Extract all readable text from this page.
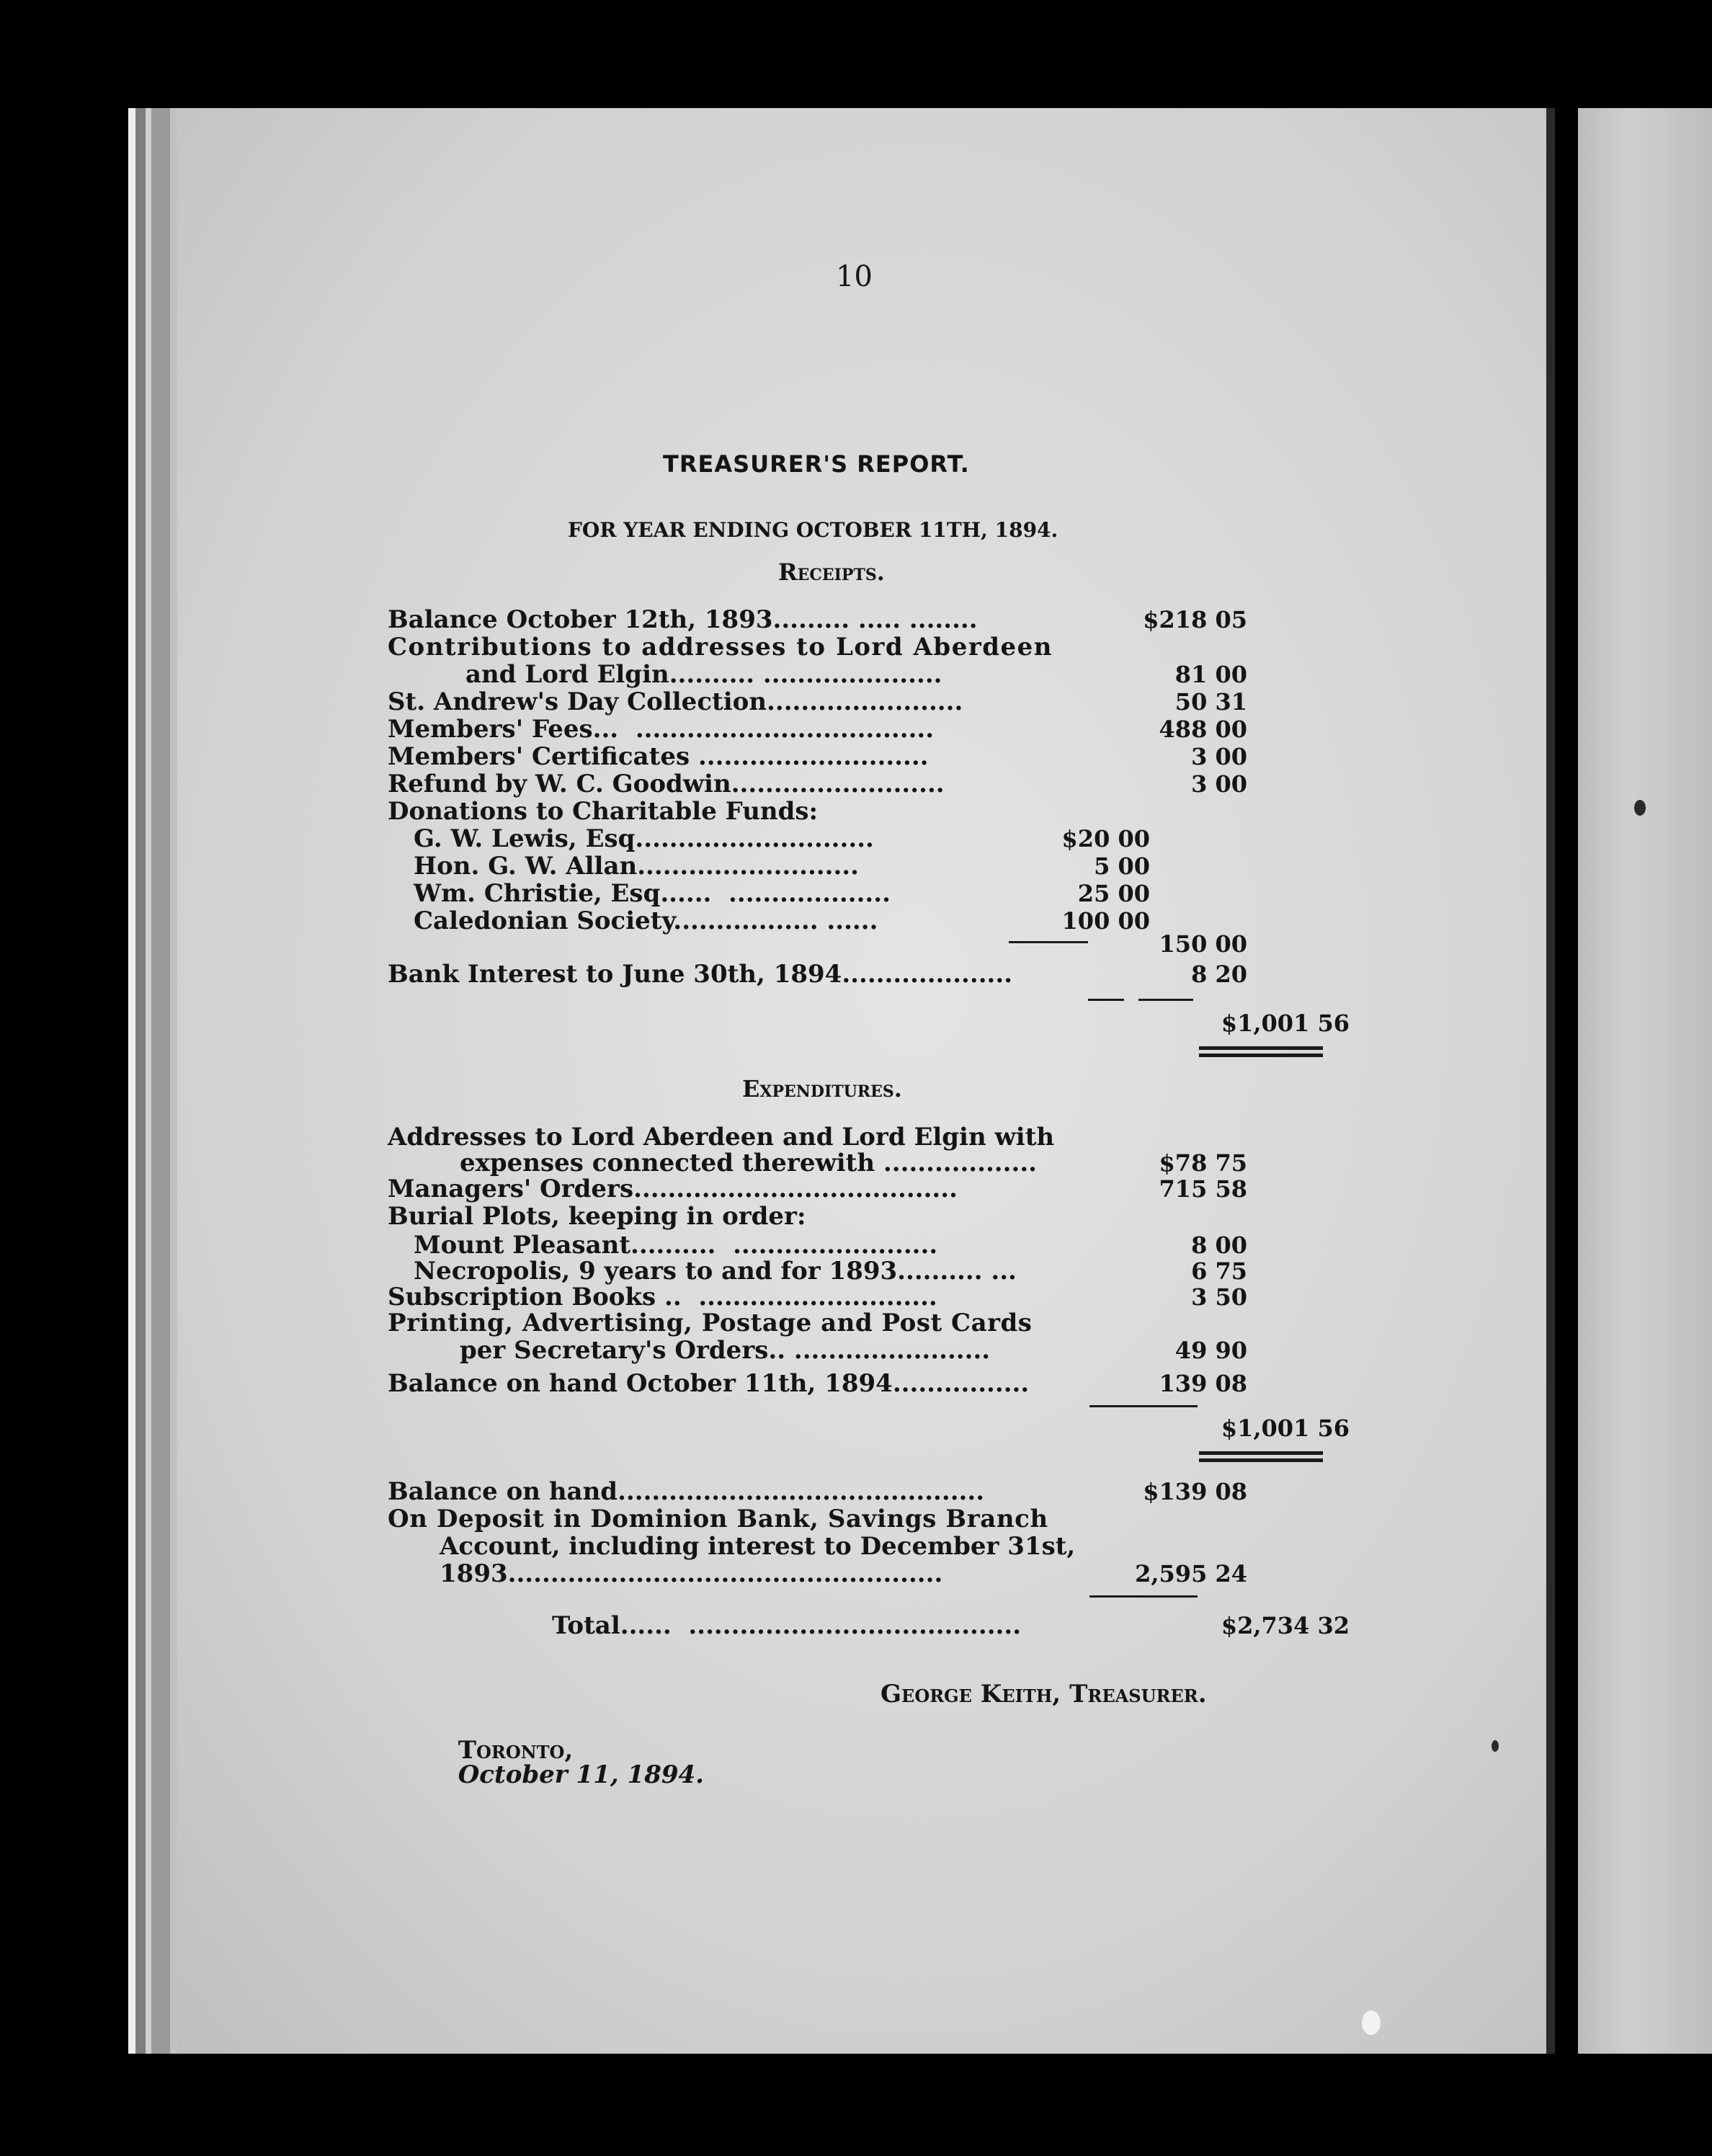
10
TREASURER'S REPORT.
FOR YEAR ENDING OCTOBER 11TH, 1894.
Receipts.
Balance October 12th, 1893......... ..... ........	$218 05
Contributions to addresses to Lord Aberdeen
and Lord Elgin.......... .....................	81 00
St. Andrew's Day Collection.......................	50 31
Members' Fees...  ...................................	488 00
Members' Certificates ...........................	3 00
Refund by W. C. Goodwin.........................	3 00
Donations to Charitable Funds:
G. W. Lewis, Esq............................	$20 00
Hon. G. W. Allan..........................	5 00
Wm. Christie, Esq......  ...................	25 00
Caledonian Society................. ......	100 00
150 00
Bank Interest to June 30th, 1894....................	8 20
$1,001 56
Expenditures.
Addresses to Lord Aberdeen and Lord Elgin with
expenses connected therewith ..................	$78 75
Managers' Orders......................................	715 58
Burial Plots, keeping in order:
Mount Pleasant..........  ........................	8 00
Necropolis, 9 years to and for 1893.......... ...	6 75
Subscription Books ..  ............................	3 50
Printing, Advertising, Postage and Post Cards
per Secretary's Orders.. .......................	49 90
Balance on hand October 11th, 1894................	139 08
$1,001 56
Balance on hand...........................................	$139 08
On Deposit in Dominion Bank, Savings Branch
Account, including interest to December 31st,
1893...................................................	2,595 24
Total......  .......................................	$2,734 32
George Keith, Treasurer.

Toronto,
October 11, 1894.
